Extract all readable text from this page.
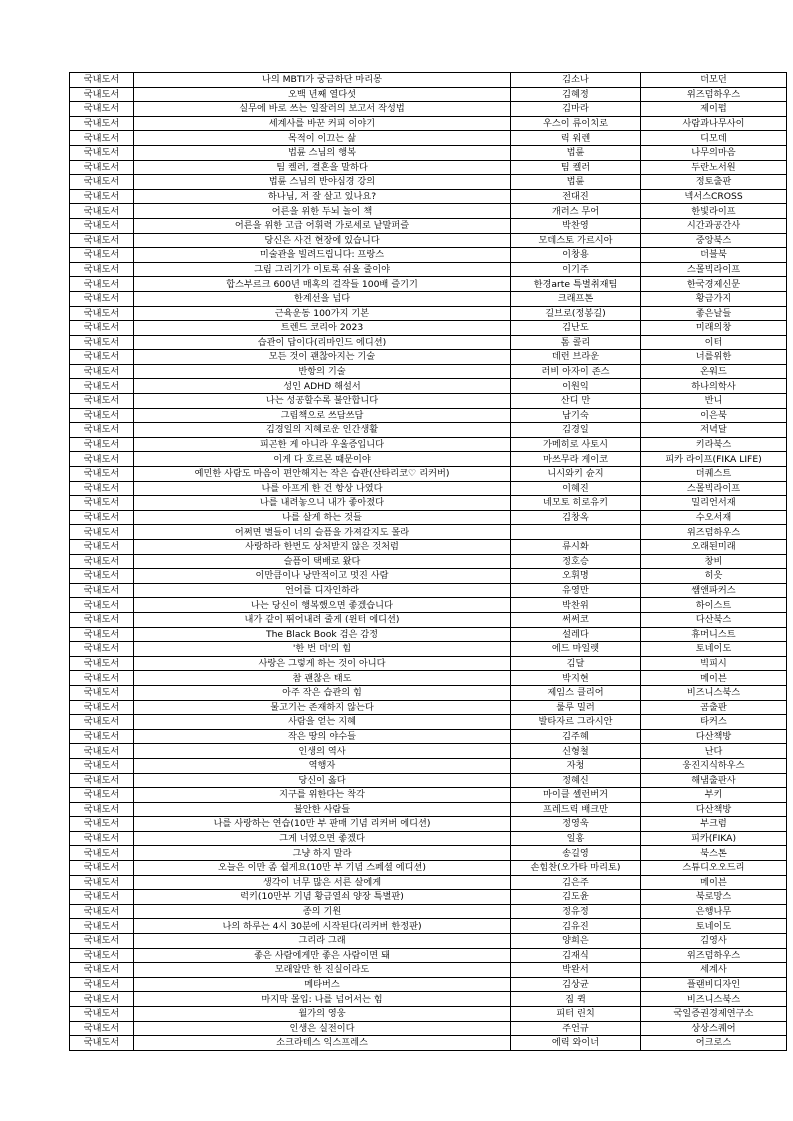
국내도서	나의 MBTI가 궁금하단 마리몽	김소나	더모던
국내도서	오백 년째 열다섯	김혜정	위즈덤하우스
국내도서	실무에 바로 쓰는 일잘러의 보고서 작성법	김마라	제이펍
국내도서	세계사를 바꾼 커피 이야기	우스이 류이치로	사람과나무사이
국내도서	목적이 이끄는 삶	릭 워렌	디모데
국내도서	법륜 스님의 행복	법륜	나무의마음
국내도서	팀 켈러, 결혼을 말하다	팀 켈러	두란노서원
국내도서	법륜 스님의 반야심경 강의	법륜	정토출판
국내도서	하나님, 저 잘 살고 있나요?	전대진	넥서스CROSS
국내도서	어른을 위한 두뇌 놀이 책	개러스 무어	한빛라이프
국내도서	어른을 위한 고급 어휘력 가로세로 낱말퍼즐	박찬영	시간과공간사
국내도서	당신은 사건 현장에 있습니다	모데스토 가르시아	중앙북스
국내도서	미술관을 빌려드립니다: 프랑스	이창용	더블북
국내도서	그림 그리기가 이토록 쉬울 줄이야	이기주	스몰빅라이프
국내도서	합스부르크 600년 매혹의 걸작들 100배 즐기기	한경arte 특별취재팀	한국경제신문
국내도서	한계선을 넘다	크래프톤	황금가지
국내도서	근육운동 100가지 기본	길브로(정봉길)	좋은날들
국내도서	트렌드 코리아 2023	김난도	미래의창
국내도서	습관이 답이다(리마인드 에디션)	톰 콜리	이터
국내도서	모든 것이 괜찮아지는 기술	데런 브라운	너를위한
국내도서	반항의 기술	러비 아자이 존스	온워드
국내도서	성인 ADHD 해설서	이원익	하나의학사
국내도서	나는 성공할수록 불안합니다	산디 만	반니
국내도서	그림책으로 쓰담쓰담	남기숙	이은북
국내도서	김경일의 지혜로운 인간생활	김경일	저녁달
국내도서	피곤한 게 아니라 우울증입니다	가메히로 사토시	키라북스
국내도서	이게 다 호르몬 때문이야	마쓰무라 게이코	피카 라이프(FIKA LIFE)
국내도서	예민한 사람도 마음이 편안해지는 작은 습관(산타리코♡ 리커버)	니시와키 슌지	더퀘스트
국내도서	나를 아프게 한 건 항상 나였다	이혜진	스몰빅라이프
국내도서	나를 내려놓으니 내가 좋아졌다	네모토 히로유키	밀리언서재
국내도서	나를 살게 하는 것들	김창옥	수오서재
국내도서	어쩌면 별들이 너의 슬픔을 가져갈지도 몰라		위즈덤하우스
국내도서	사랑하라 한번도 상처받지 않은 것처럼	류시화	오래된미래
국내도서	슬픔이 택배로 왔다	정호승	창비
국내도서	이만큼이나 낭만적이고 멋진 사람	오휘명	히읏
국내도서	언어를 디자인하라	유영만	쌤앤파커스
국내도서	나는 당신이 행복했으면 좋겠습니다	박찬위	하이스트
국내도서	내가 같이 뛰어내려 줄게 (윈터 에디션)	써써코	다산북스
국내도서	The Black Book 검은 감정	설레다	휴머니스트
국내도서	'한 번 더'의 힘	에드 마일렛	토네이도
국내도서	사랑은 그렇게 하는 것이 아니다	김달	빅피시
국내도서	참 괜찮은 태도	박지현	메이븐
국내도서	아주 작은 습관의 힘	제임스 클리어	비즈니스북스
국내도서	물고기는 존재하지 않는다	룰루 밀러	곰출판
국내도서	사람을 얻는 지혜	발타자르 그라시안	타커스
국내도서	작은 땅의 야수들	김주혜	다산책방
국내도서	인생의 역사	신형철	난다
국내도서	역행자	자청	웅진지식하우스
국내도서	당신이 옳다	정혜신	해냄출판사
국내도서	지구를 위한다는 착각	마이클 셸런버거	부키
국내도서	불안한 사람들	프레드릭 배크만	다산책방
국내도서	나를 사랑하는 연습(10만 부 판매 기념 리커버 에디션)	정영욱	부크럼
국내도서	그게 너였으면 좋겠다	일홍	피카(FIKA)
국내도서	그냥 하지 말라	송길영	북스톤
국내도서	오늘은 이만 좀 쉴게요(10만 부 기념 스페셜 에디션)	손힘찬(오가타 마리토)	스튜디오오드리
국내도서	생각이 너무 많은 서른 살에게	김은주	메이븐
국내도서	럭키(10만부 기념 황금열쇠 양장 특별판)	김도윤	북로망스
국내도서	종의 기원	정유정	은행나무
국내도서	나의 하루는 4시 30분에 시작된다(리커버 한정판)	김유진	토네이도
국내도서	그리라 그래	양희은	김영사
국내도서	좋은 사람에게만 좋은 사람이면 돼	김재식	위즈덤하우스
국내도서	모래알만 한 진실이라도	박완서	세계사
국내도서	메타버스	김상균	플랜비디자인
국내도서	마지막 몰입: 나를 넘어서는 힘	짐 퀵	비즈니스북스
국내도서	월가의 영웅	피터 린치	국일증권경제연구소
국내도서	인생은 실전이다	주언규	상상스퀘어
국내도서	소크라테스 익스프레스	에릭 와이너	어크로스
